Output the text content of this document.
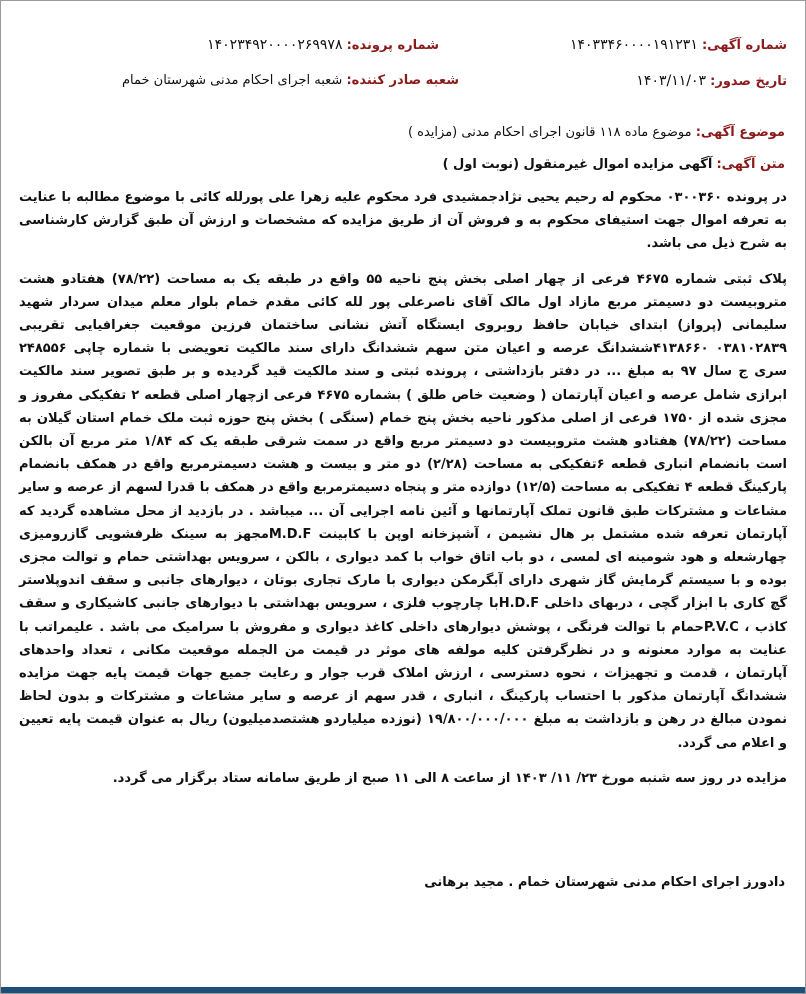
شماره آگهی: ۱۴۰۳۳۴۶۰۰۰۰۱۹۱۲۳۱
شماره پرونده: ۱۴۰۲۳۴۹۲۰۰۰۰۲۶۹۹۷۸
تاریخ صدور: ۱۴۰۳/۱۱/۰۳
شعبه صادر کننده: شعبه اجرای احکام مدنی شهرستان خمام
موضوع آگهی: موضوع ماده ۱۱۸ قانون اجرای احکام مدنی (مزایده )
متن آگهی: آگهی مزایده اموال غیرمنقول (نوبت اول )

در پرونده ۰۳۰۰۳۶۰ محکوم له رحیم یحیی نژادجمشیدی فرد محکوم علیه زهرا علی پورلله کائی با موضوع مطالبه با عنایت به تعرفه اموال جهت استیفای محکوم به و فروش آن از طریق مزایده که مشخصات و ارزش آن طبق گزارش کارشناسی به شرح ذیل می باشد.

پلاک ثبتی شماره ۴۶۷۵ فرعی از چهار اصلی بخش پنج ناحیه ۵۵ واقع در طبقه یک به مساحت (۷۸/۲۲) هفتادو هشت متروبیست دو دسیمتر مربع مازاد اول مالک آقای ناصرعلی پور لله کائی مقدم خمام بلوار معلم میدان سردار شهید سلیمانی (پرواز) ابتدای خیابان حافظ روبروی ایستگاه آتش نشانی ساختمان فرزین موقعیت جغرافیایی تقریبی ۰۳۸۱۰۲۸۳۹ ۴۱۳۸۶۶۰ششدانگ عرصه و اعیان متن سهم ششدانگ دارای سند مالکیت تعویضی با شماره چاپی ۲۴۸۵۵۶ سری ج سال ۹۷ به مبلغ ... در دفتر بازداشتی ، پرونده ثبتی و سند مالکیت قید گردیده و بر طبق تصویر سند مالکیت ابرازی شامل عرصه و اعیان آپارتمان ( وضعیت خاص طلق ) بشماره ۴۶۷۵ فرعی ازچهار اصلی قطعه ۲ تفکیکی مفروز و مجزی شده از ۱۷۵۰ فرعی از اصلی مذکور ناحیه بخش پنج خمام (سنگی ) بخش پنج حوزه ثبت ملک خمام استان گیلان به مساحت (۷۸/۲۲) هفتادو هشت متروبیست دو دسیمتر مربع واقع در سمت شرقی طبقه یک که ۱/۸۴ متر مربع آن بالکن است بانضمام انباری قطعه ۶تفکیکی به مساحت (۲/۲۸) دو متر و بیست و هشت دسیمترمربع واقع در همکف بانضمام پارکینگ قطعه ۴ تفکیکی به مساحت (۱۲/۵) دوازده متر و پنجاه دسیمترمربع واقع در همکف با قدرا لسهم از عرصه و سایر مشاعات و مشترکات طبق قانون تملک آپارتمانها و آئین نامه اجرایی آن ... میباشد . در بازدید از محل مشاهده گردید که آپارتمان تعرفه شده مشتمل بر هال نشیمن ، آشپزخانه اوپن با کابینت M.D.Fمجهز به سینک ظرفشویی گازرومیزی چهارشعله و هود شومینه ای لمسی ، دو باب اتاق خواب با کمد دیواری ، بالکن ، سرویس بهداشتی حمام و توالت مجزی بوده و با سیستم گرمایش گاز شهری دارای آبگرمکن دیواری با مارک تجاری بوتان ، دیوارهای جانبی و سقف اندوپلاستر گچ کاری با ابزار گچی ، دربهای داخلی H.D.Fبا چارچوب فلزی ، سرویس بهداشتی با دیوارهای جانبی کاشیکاری و سقف کاذب ، P.V.Cحمام با توالت فرنگی ، پوشش دیوارهای داخلی کاغذ دیواری و مفروش با سرامیک می باشد . علیمراتب با عنایت به موارد معنونه و در نظرگرفتن کلیه مولفه های موثر در قیمت من الجمله موقعیت مکانی ، تعداد واحدهای آپارتمان ، قدمت و تجهیزات ، نحوه دسترسی ، ارزش املاک قرب جوار و رعایت جمیع جهات قیمت پایه جهت مزایده ششدانگ آپارتمان مذکور با احتساب پارکینگ ، انباری ، قدر سهم از عرصه و سایر مشاعات و مشترکات و بدون لحاظ نمودن مبالغ در رهن و بازداشت به مبلغ ۱۹/۸۰۰/۰۰۰/۰۰۰ (نوزده میلیاردو هشتصدمیلیون) ریال به عنوان قیمت پایه تعیین و اعلام می گردد.

مزایده در روز سه شنبه مورخ ۲۳/ ۱۱/ ۱۴۰۳ از ساعت ۸ الی ۱۱ صبح از طریق سامانه ستاد برگزار می گردد.

دادورز اجرای احکام مدنی شهرستان خمام . مجید برهانی
